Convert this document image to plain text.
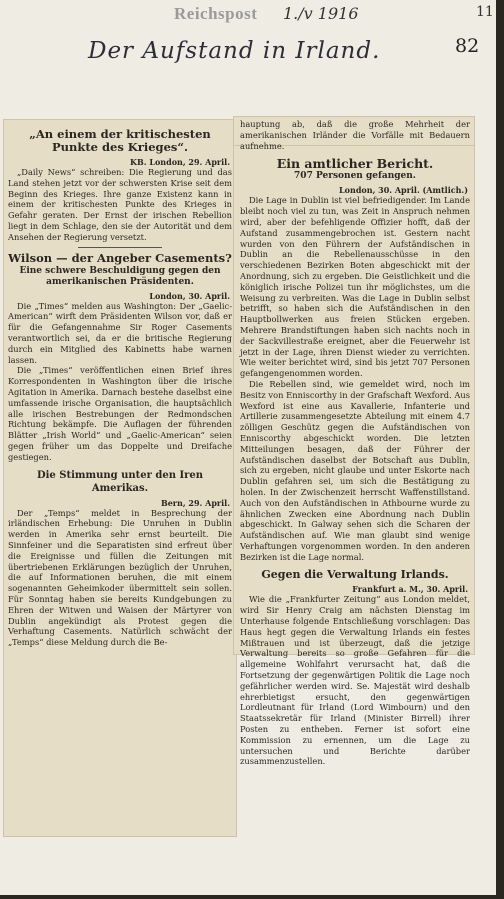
Reichspost 1./v 1916	11
Der Aufstand in Irland.	82
„An einem der kritischesten Punkte des Krieges“.
KB. London, 29. April.

„Daily News“ schreiben: Die Regierung und das Land stehen jetzt vor der schwersten Krise seit dem Beginn des Krieges. Ihre ganze Existenz kann in einem der kritischesten Punkte des Krieges in Gefahr geraten. Der Ernst der irischen Rebellion liegt in dem Schlage, den sie der Autorität und dem Ansehen der Regierung versetzt.

Wilson — der Angeber Casements?
Eine schwere Beschuldigung gegen den amerikanischen Präsidenten.
London, 30. April.

Die „Times“ melden aus Washington: Der „Gaelic-American“ wirft dem Präsidenten Wilson vor, daß er für die Gefangennahme Sir Roger Casements verantwortlich sei, da er die britische Regierung durch ein Mitglied des Kabinetts habe warnen lassen.

Die „Times“ veröffentlichen einen Brief ihres Korrespondenten in Washington über die irische Agitation in Amerika. Darnach bestehe daselbst eine umfassende irische Organisation, die hauptsächlich alle irischen Bestrebungen der Redmondschen Richtung bekämpfe. Die Auflagen der führenden Blätter „Irish World“ und „Gaelic-American“ seien gegen früher um das Doppelte und Dreifache gestiegen.

Die Stimmung unter den Iren Amerikas.
Bern, 29. April.

Der „Temps“ meldet in Besprechung der irländischen Erhebung: Die Unruhen in Dublin werden in Amerika sehr ernst beurteilt. Die Sinnfeiner und die Separatisten sind erfreut über die Ereignisse und füllen die Zeitungen mit übertriebenen Erklärungen bezüglich der Unruhen, die auf Informationen beruhen, die mit einem sogenannten Geheimkoder übermittelt sein sollen. Für Sonntag haben sie bereits Kundgebungen zu Ehren der Witwen und Waisen der Märtyrer von Dublin angekündigt als Protest gegen die Verhaftung Casements. Natürlich schwächt der „Temps“ diese Meldung durch die Be-

hauptung ab, daß die große Mehrheit der amerikanischen Irländer die Vorfälle mit Bedauern aufnehme.

Ein amtlicher Bericht.
707 Personen gefangen.
London, 30. April. (Amtlich.)

Die Lage in Dublin ist viel befriedigender. Im Lande bleibt noch viel zu tun, was Zeit in Anspruch nehmen wird, aber der befehligende Offizier hofft, daß der Aufstand zusammengebrochen ist. Gestern nacht wurden von den Führern der Aufständischen in Dublin an die Rebellenausschüsse in den verschiedenen Bezirken Boten abgeschickt mit der Anordnung, sich zu ergeben. Die Geistlichkeit und die königlich irische Polizei tun ihr möglichstes, um die Weisung zu verbreiten. Was die Lage in Dublin selbst betrifft, so haben sich die Aufständischen in den Hauptbollwerken aus freien Stücken ergeben. Mehrere Brandstiftungen haben sich nachts noch in der Sackvillestraße ereignet, aber die Feuerwehr ist jetzt in der Lage, ihren Dienst wieder zu verrichten. Wie weiter berichtet wird, sind bis jetzt 707 Personen gefangengenommen worden.

Die Rebellen sind, wie gemeldet wird, noch im Besitz von Enniscorthy in der Grafschaft Wexford. Aus Wexford ist eine aus Kavallerie, Infanterie und Artillerie zusammengesetzte Abteilung mit einem 4.7 zölligen Geschütz gegen die Aufständischen von Enniscorthy abgeschickt worden. Die letzten Mitteilungen besagen, daß der Führer der Aufständischen daselbst der Botschaft aus Dublin, sich zu ergeben, nicht glaube und unter Eskorte nach Dublin gefahren sei, um sich die Bestätigung zu holen. In der Zwischenzeit herrscht Waffenstillstand. Auch von den Aufständischen in Athbourne wurde zu ähnlichen Zwecken eine Abordnung nach Dublin abgeschickt. In Galway sehen sich die Scharen der Aufständischen auf. Wie man glaubt sind wenige Verhaftungen vorgenommen worden. In den anderen Bezirken ist die Lage normal.

Gegen die Verwaltung Irlands.
Frankfurt a. M., 30. April.

Wie die „Frankfurter Zeitung“ aus London meldet, wird Sir Henry Craig am nächsten Dienstag im Unterhause folgende Entschließung vorschlagen: Das Haus hegt gegen die Verwaltung Irlands ein festes Mißtrauen und ist überzeugt, daß die jetzige Verwaltung bereits so große Gefahren für die allgemeine Wohlfahrt verursacht hat, daß die Fortsetzung der gegenwärtigen Politik die Lage noch gefährlicher werden wird. Se. Majestät wird deshalb ehrerbietigst ersucht, den gegenwärtigen Lordleutnant für Irland (Lord Wimbourn) und den Staatssekretär für Irland (Minister Birrell) ihrer Posten zu entheben. Ferner ist sofort eine Kommission zu ernennen, um die Lage zu untersuchen und Berichte darüber zusammenzustellen.
